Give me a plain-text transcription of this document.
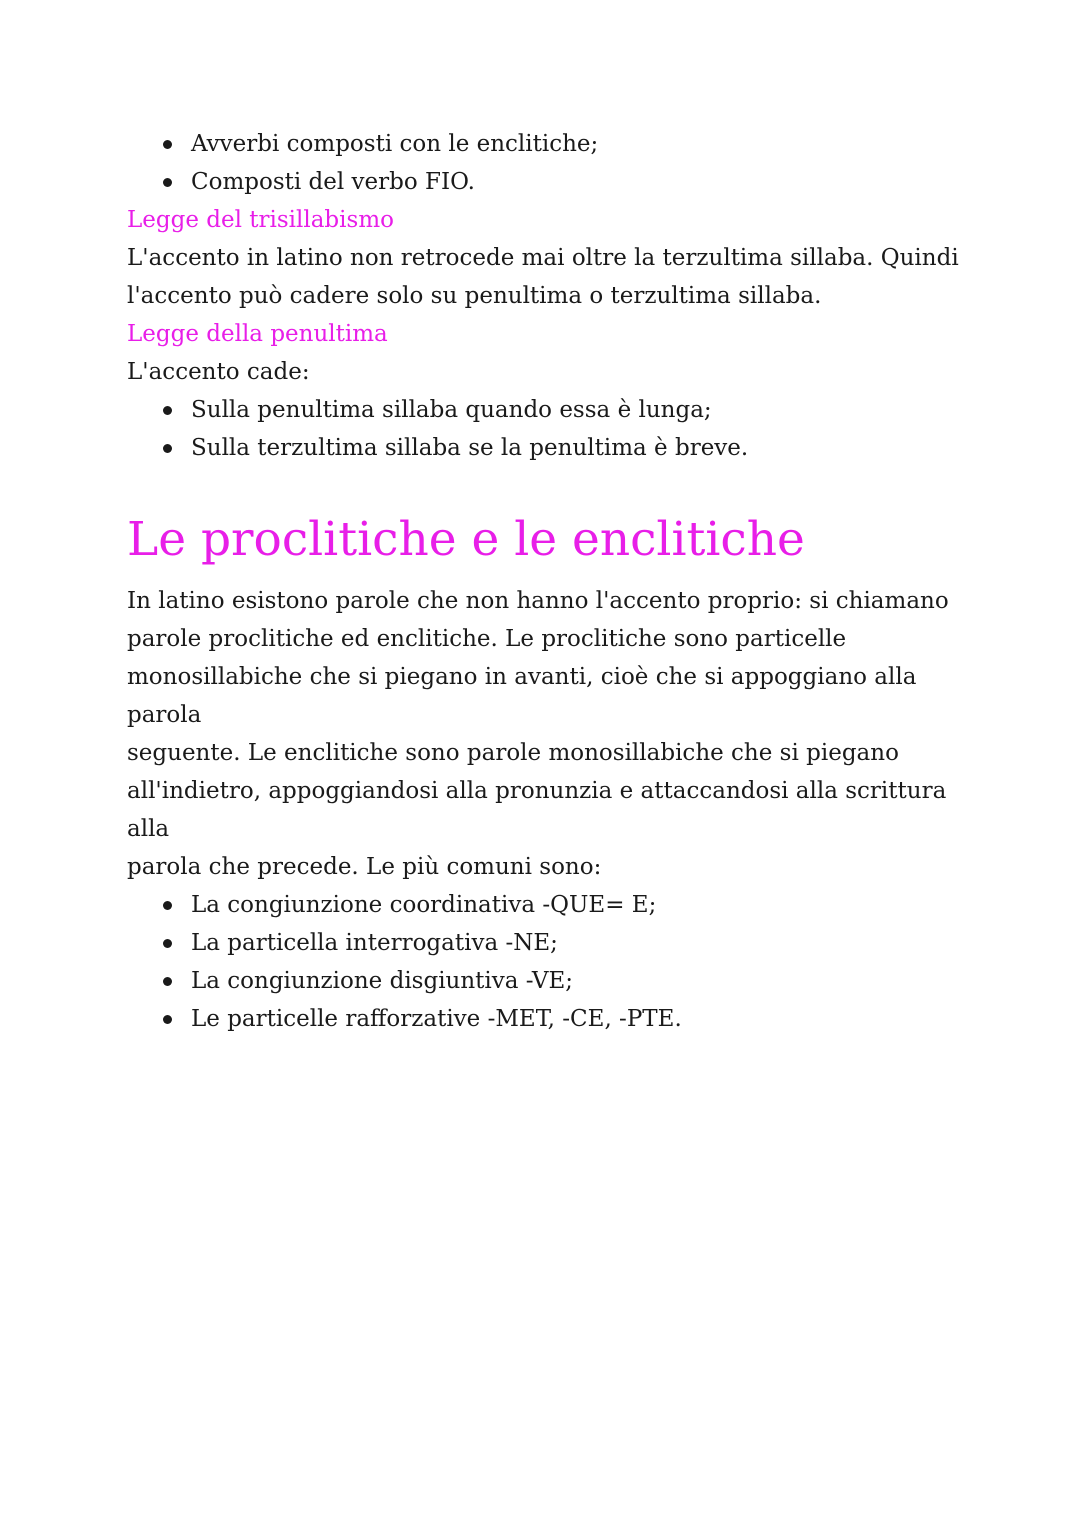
Avverbi composti con le enclitiche;
Composti del verbo FIO.
Legge del trisillabismo

L'accento in latino non retrocede mai oltre la terzultima sillaba. Quindi
l'accento può cadere solo su penultima o terzultima sillaba.

Legge della penultima

L'accento cade:

Sulla penultima sillaba quando essa è lunga;
Sulla terzultima sillaba se la penultima è breve.
Le proclitiche e le enclitiche

In latino esistono parole che non hanno l'accento proprio: si chiamano
parole proclitiche ed enclitiche. Le proclitiche sono particelle
monosillabiche che si piegano in avanti, cioè che si appoggiano alla parola
seguente. Le enclitiche sono parole monosillabiche che si piegano
all'indietro, appoggiandosi alla pronunzia e attaccandosi alla scrittura alla
parola che precede. Le più comuni sono:

La congiunzione coordinativa -QUE= E;
La particella interrogativa -NE;
La congiunzione disgiuntiva -VE;
Le particelle rafforzative -MET, -CE, -PTE.
